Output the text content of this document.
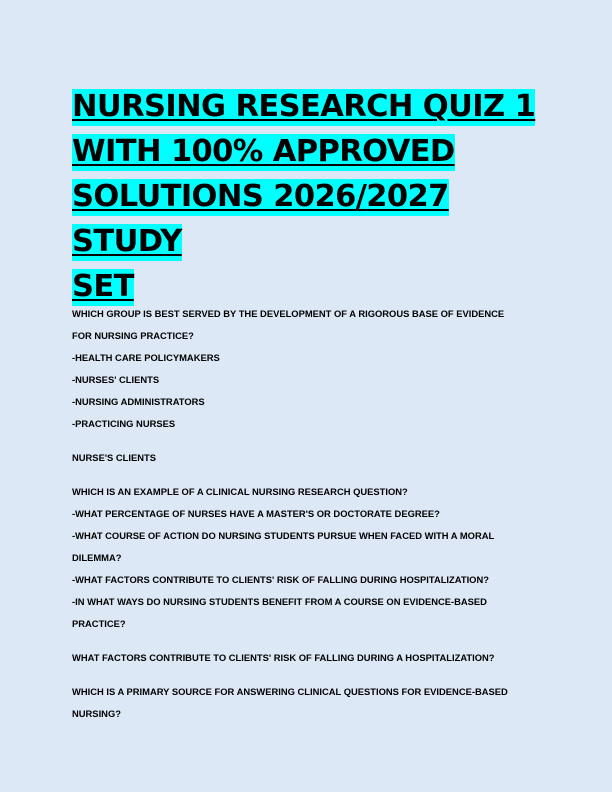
NURSING RESEARCH QUIZ 1
WITH 100% APPROVED
SOLUTIONS 2026/2027 STUDY
SET
WHICH GROUP IS BEST SERVED BY THE DEVELOPMENT OF A RIGOROUS BASE OF EVIDENCE
FOR NURSING PRACTICE?
-HEALTH CARE POLICYMAKERS
-NURSES' CLIENTS
-NURSING ADMINISTRATORS
-PRACTICING NURSES
NURSE'S CLIENTS
WHICH IS AN EXAMPLE OF A CLINICAL NURSING RESEARCH QUESTION?
-WHAT PERCENTAGE OF NURSES HAVE A MASTER'S OR DOCTORATE DEGREE?
-WHAT COURSE OF ACTION DO NURSING STUDENTS PURSUE WHEN FACED WITH A MORAL
DILEMMA?
-WHAT FACTORS CONTRIBUTE TO CLIENTS' RISK OF FALLING DURING HOSPITALIZATION?
-IN WHAT WAYS DO NURSING STUDENTS BENEFIT FROM A COURSE ON EVIDENCE-BASED
PRACTICE?
WHAT FACTORS CONTRIBUTE TO CLIENTS' RISK OF FALLING DURING A HOSPITALIZATION?
WHICH IS A PRIMARY SOURCE FOR ANSWERING CLINICAL QUESTIONS FOR EVIDENCE-BASED
NURSING?
